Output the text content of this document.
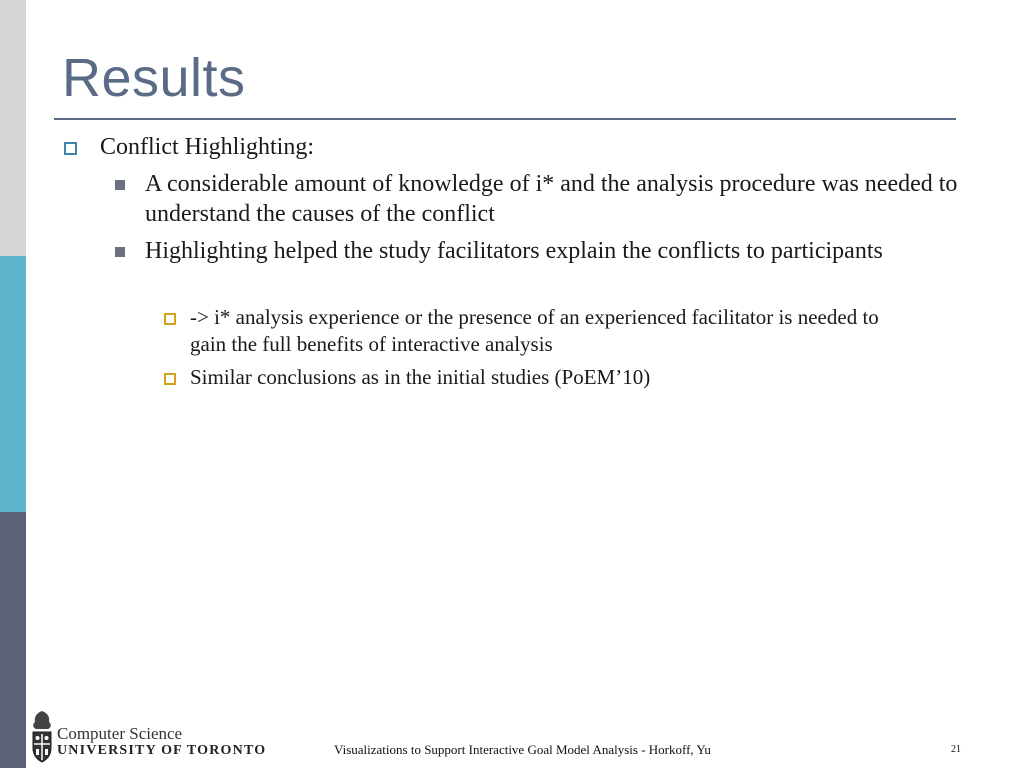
Results
Conflict Highlighting:
A considerable amount of knowledge of i* and the analysis procedure was needed to understand the causes of the conflict
Highlighting helped the study facilitators explain the conflicts to participants
-> i* analysis experience or the presence of an experienced facilitator is needed to gain the full benefits of interactive analysis
Similar conclusions as in the initial studies (PoEM’10)
Computer Science
UNIVERSITY OF TORONTO	Visualizations to Support Interactive Goal Model Analysis - Horkoff, Yu	21
